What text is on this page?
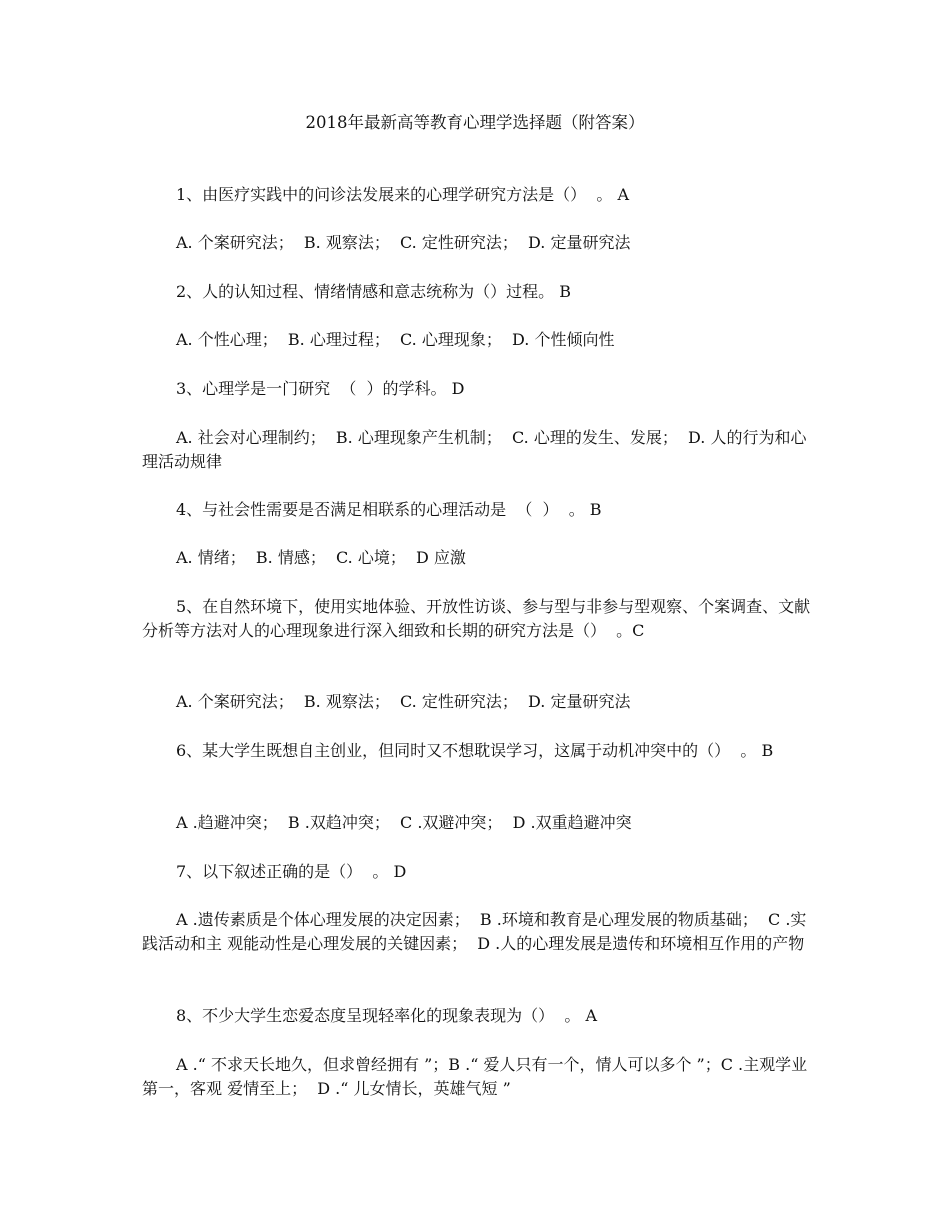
2018年最新高等教育心理学选择题（附答案）
1、由医疗实践中的问诊法发展来的心理学研究方法是（）  。 A
A. 个案研究法；  B. 观察法；  C. 定性研究法；  D. 定量研究法
2、人的认知过程、情绪情感和意志统称为（）过程。 B
A. 个性心理；  B. 心理过程；  C. 心理现象；  D. 个性倾向性
3、心理学是一门研究  （  ）的学科。 D
A. 社会对心理制约；  B. 心理现象产生机制；  C. 心理的发生、发展；  D. 人的行为和心理活动规律
4、与社会性需要是否满足相联系的心理活动是  （  ）  。 B
A. 情绪；  B. 情感；  C. 心境；  D 应激
5、在自然环境下，使用实地体验、开放性访谈、参与型与非参与型观察、个案调查、文献分析等方法对人的心理现象进行深入细致和长期的研究方法是（）  。C
A. 个案研究法；  B. 观察法；  C. 定性研究法；  D. 定量研究法
6、某大学生既想自主创业，但同时又不想耽误学习，这属于动机冲突中的（）  。 B
A .趋避冲突；  B .双趋冲突；  C .双避冲突；  D .双重趋避冲突
7、以下叙述正确的是（）  。 D
A .遗传素质是个体心理发展的决定因素；  B .环境和教育是心理发展的物质基础；  C .实践活动和主 观能动性是心理发展的关键因素；  D .人的心理发展是遗传和环境相互作用的产物
8、不少大学生恋爱态度呈现轻率化的现象表现为（）  。 A
A .“ 不求天长地久，但求曾经拥有 ”；B .“ 爱人只有一个，情人可以多个 ”；C .主观学业第一，客观 爱情至上；  D .“ 儿女情长，英雄气短 ”
